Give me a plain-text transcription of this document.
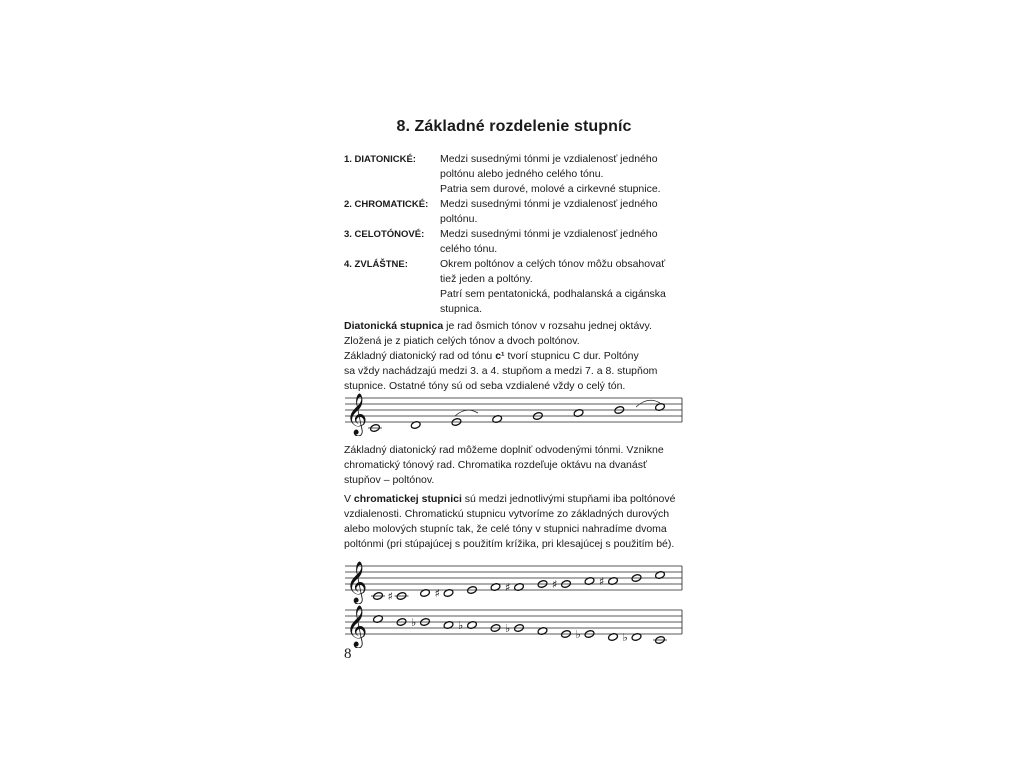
8. Základné rozdelenie stupníc
1. DIATONICKÉ:	Medzi susednými tónmi je vzdialenosť jedného
poltónu alebo jedného celého tónu.
Patria sem durové, molové a cirkevné stupnice.
2. CHROMATICKÉ:	Medzi susednými tónmi je vzdialenosť jedného
poltónu.
3. CELOTÓNOVÉ:	Medzi susednými tónmi je vzdialenosť jedného
celého tónu.
4. ZVLÁŠTNE:	Okrem poltónov a celých tónov môžu obsahovať
tiež jeden a poltóny.
Patrí sem pentatonická, podhalanská a cigánska
stupnica.
Diatonická stupnica je rad ôsmich tónov v rozsahu jednej oktávy.
Zložená je z piatich celých tónov a dvoch poltónov.
Základný diatonický rad od tónu c¹ tvorí stupnicu C dur. Poltóny
sa vždy nachádzajú medzi 3. a 4. stupňom a medzi 7. a 8. stupňom
stupnice. Ostatné tóny sú od seba vzdialené vždy o celý tón.
𝄞
Základný diatonický rad môžeme doplniť odvodenými tónmi. Vznikne
chromatický tónový rad. Chromatika rozdeľuje oktávu na dvanásť
stupňov – poltónov.
V chromatickej stupnici sú medzi jednotlivými stupňami iba poltónové
vzdialenosti. Chromatickú stupnicu vytvoríme zo základných durových
alebo molových stupníc tak, že celé tóny v stupnici nahradíme dvoma
poltónmi (pri stúpajúcej s použitím krížika, pri klesajúcej s použitím bé).
𝄞 ♯	♯	♯	♯	♯
𝄞	♭	♭	♭	♭	♭
8
